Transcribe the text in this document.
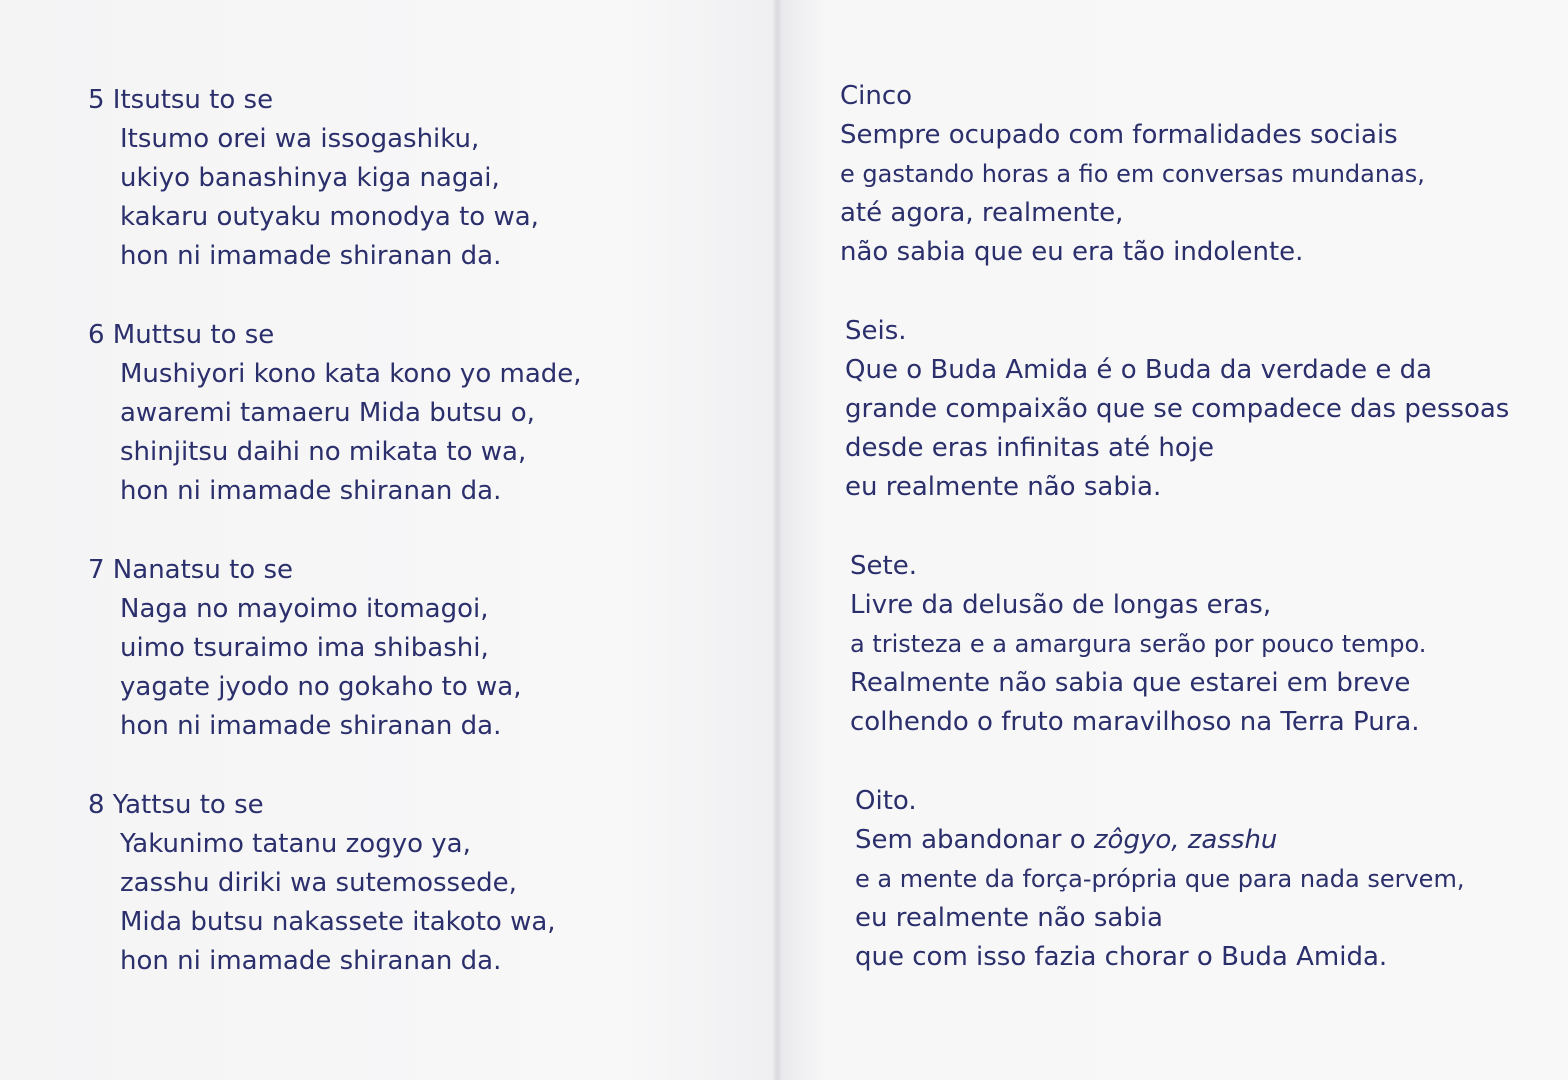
5 Itsutsu to se
Itsumo orei wa issogashiku,
ukiyo banashinya kiga nagai,
kakaru outyaku monodya to wa,
hon ni imamade shiranan da.
6 Muttsu to se
Mushiyori kono kata kono yo made,
awaremi tamaeru Mida butsu o,
shinjitsu daihi no mikata to wa,
hon ni imamade shiranan da.
7 Nanatsu to se
Naga no mayoimo itomagoi,
uimo tsuraimo ima shibashi,
yagate jyodo no gokaho to wa,
hon ni imamade shiranan da.
8 Yattsu to se
Yakunimo tatanu zogyo ya,
zasshu diriki wa sutemossede,
Mida butsu nakassete itakoto wa,
hon ni imamade shiranan da.
Cinco
Sempre ocupado com formalidades sociais
e gastando horas a fio em conversas mundanas,
até agora, realmente,
não sabia que eu era tão indolente.
Seis.
Que o Buda Amida é o Buda da verdade e da
grande compaixão que se compadece das pessoas
desde eras infinitas até hoje
eu realmente não sabia.
Sete.
Livre da delusão de longas eras,
a tristeza e a amargura serão por pouco tempo.
Realmente não sabia que estarei em breve
colhendo o fruto maravilhoso na Terra Pura.
Oito.
Sem abandonar o zôgyo, zasshu
e a mente da força-própria que para nada servem,
eu realmente não sabia
que com isso fazia chorar o Buda Amida.
